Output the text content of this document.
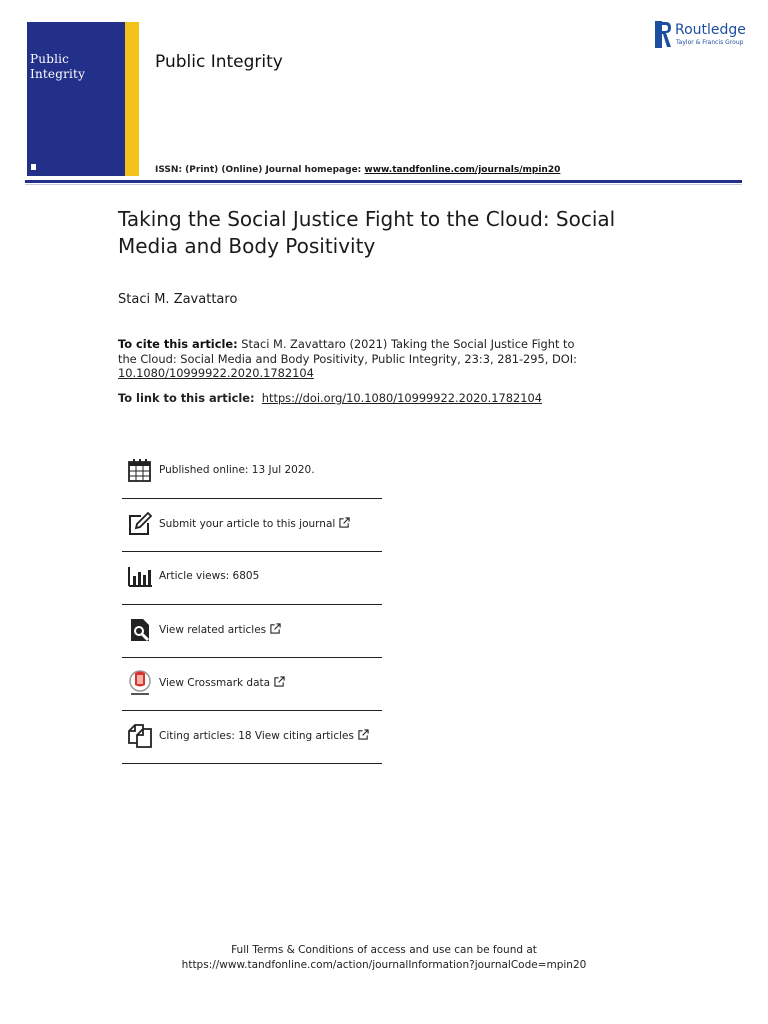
Public
Integrity
Public Integrity
ISSN: (Print) (Online) Journal homepage: www.tandfonline.com/journals/mpin20
Routledge
Taylor & Francis Group
Taking the Social Justice Fight to the Cloud: Social Media and Body Positivity
Staci M. Zavattaro
To cite this article: Staci M. Zavattaro (2021) Taking the Social Justice Fight to the Cloud: Social Media and Body Positivity, Public Integrity, 23:3, 281-295, DOI: 10.1080/10999922.2020.1782104
To link to this article: https://doi.org/10.1080/10999922.2020.1782104
Published online: 13 Jul 2020.
Submit your article to this journal
Article views: 6805
View related articles
View Crossmark data
Citing articles: 18 View citing articles
Full Terms & Conditions of access and use can be found at
https://www.tandfonline.com/action/journalInformation?journalCode=mpin20
